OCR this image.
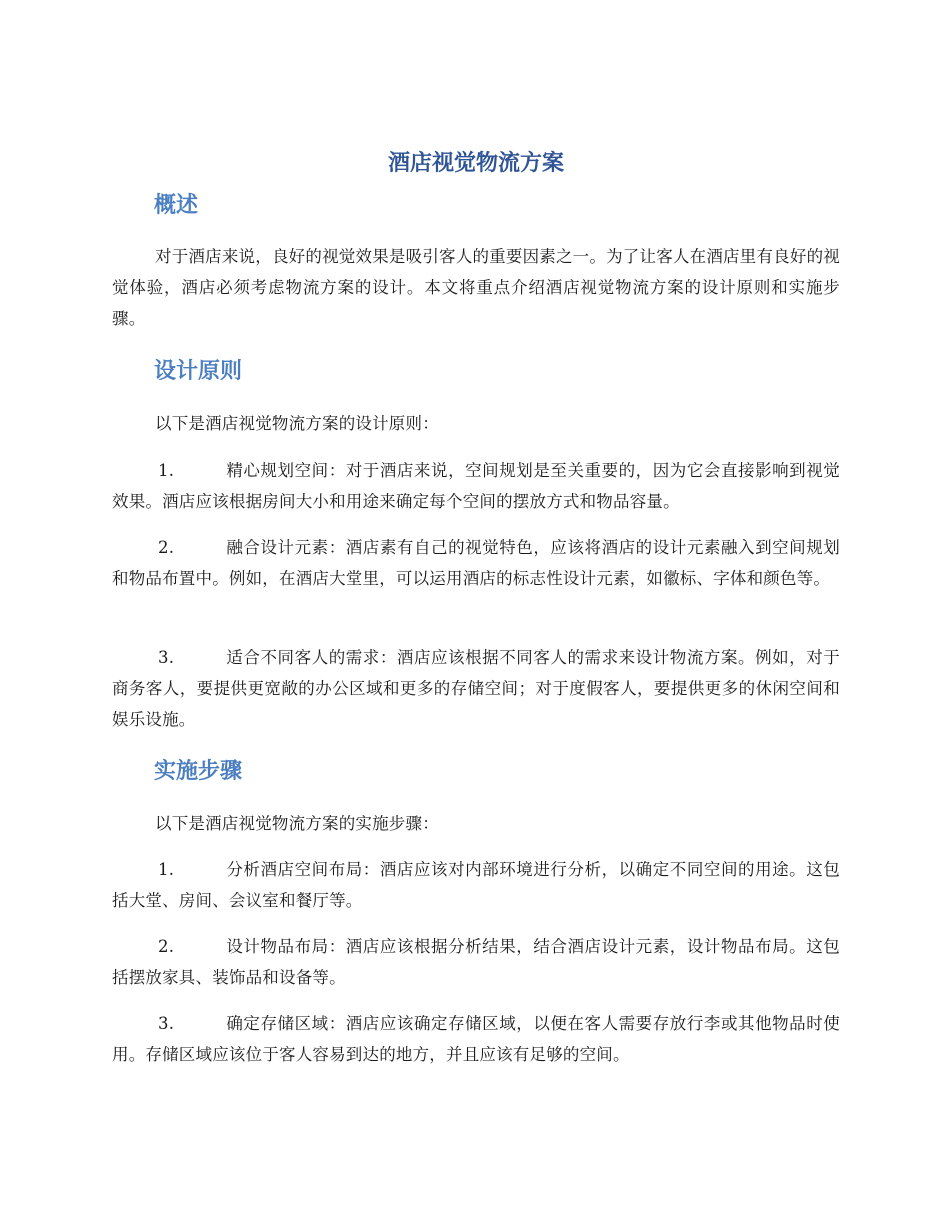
酒店视觉物流方案
概述
对于酒店来说，良好的视觉效果是吸引客人的重要因素之一。为了让客人在酒店里有良好的视觉体验，酒店必须考虑物流方案的设计。本文将重点介绍酒店视觉物流方案的设计原则和实施步骤。
设计原则
以下是酒店视觉物流方案的设计原则：
1.	精心规划空间：对于酒店来说，空间规划是至关重要的，因为它会直接影响到视觉效果。酒店应该根据房间大小和用途来确定每个空间的摆放方式和物品容量。
2.	融合设计元素：酒店素有自己的视觉特色，应该将酒店的设计元素融入到空间规划和物品布置中。例如，在酒店大堂里，可以运用酒店的标志性设计元素，如徽标、字体和颜色等。
3.	适合不同客人的需求：酒店应该根据不同客人的需求来设计物流方案。例如，对于商务客人，要提供更宽敞的办公区域和更多的存储空间；对于度假客人，要提供更多的休闲空间和娱乐设施。
实施步骤
以下是酒店视觉物流方案的实施步骤：
1.	分析酒店空间布局：酒店应该对内部环境进行分析，以确定不同空间的用途。这包括大堂、房间、会议室和餐厅等。
2.	设计物品布局：酒店应该根据分析结果，结合酒店设计元素，设计物品布局。这包括摆放家具、装饰品和设备等。
3.	确定存储区域：酒店应该确定存储区域，以便在客人需要存放行李或其他物品时使用。存储区域应该位于客人容易到达的地方，并且应该有足够的空间。
